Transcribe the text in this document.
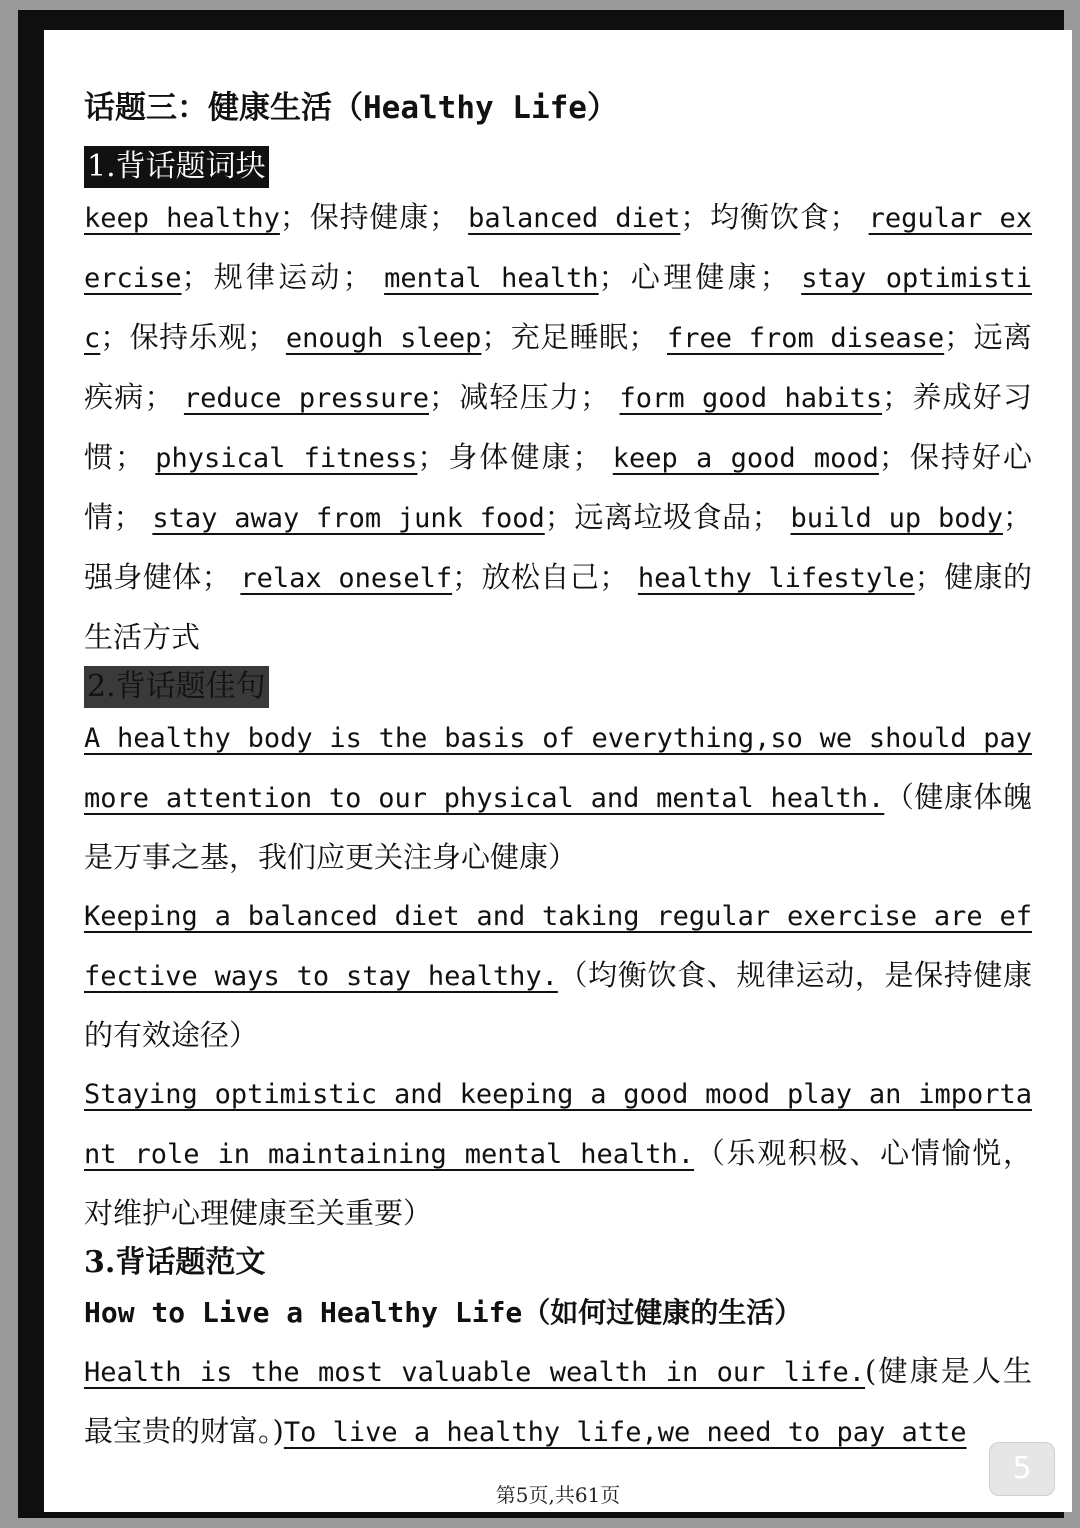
话题三：健康生活（Healthy Life）
1.背话题词块

keep healthy；保持健康； balanced diet；均衡饮食； regular exercise；规律运动； mental health；心理健康； stay optimistic；保持乐观； enough sleep；充足睡眠； free from disease；远离疾病； reduce pressure；减轻压力； form good habits；养成好习惯； physical fitness；身体健康； keep a good mood；保持好心情； stay away from junk food；远离垃圾食品； build up body；强身健体； relax oneself；放松自己； healthy lifestyle；健康的生活方式

2.背话题佳句

A healthy body is the basis of everything,so we should pay more attention to our physical and mental health.（健康体魄是万事之基，我们应更关注身心健康）

Keeping a balanced diet and taking regular exercise are effective ways to stay healthy.（均衡饮食、规律运动，是保持健康的有效途径）

Staying optimistic and keeping a good mood play an important role in maintaining mental health.（乐观积极、心情愉悦，对维护心理健康至关重要）

3.背话题范文

How to Live a Healthy Life（如何过健康的生活）

Health is the most valuable wealth in our life.(健康是人生最宝贵的财富。)To live a healthy life,we need to pay atte

第5页,共61页
5
